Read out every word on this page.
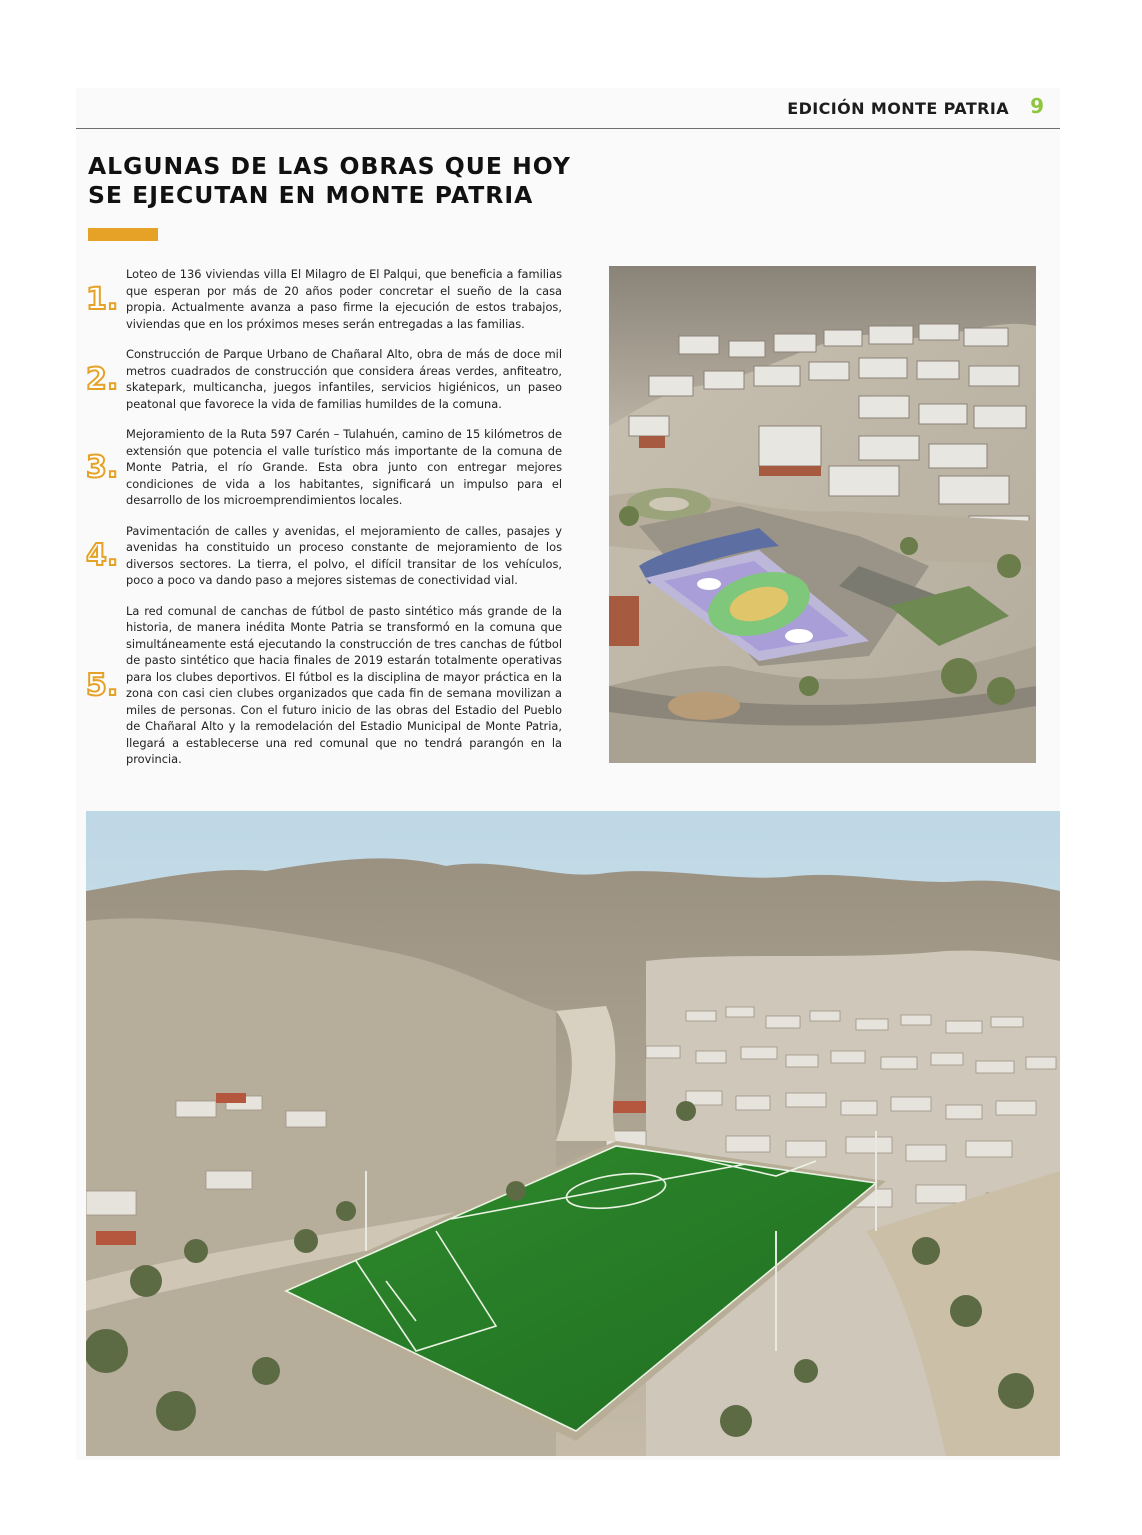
EDICIÓN MONTE PATRIA 9
ALGUNAS DE LAS OBRAS QUE HOY
SE EJECUTAN EN MONTE PATRIA
1.

Loteo de 136 viviendas villa El Milagro de El Palqui, que beneficia a familias que esperan por más de 20 años poder concretar el sueño de la casa propia. Actualmente avanza a paso firme la ejecución de estos trabajos, viviendas que en los próximos meses serán entregadas a las familias.

2.

Construcción de Parque Urbano de Chañaral Alto, obra de más de doce mil metros cuadrados de construcción que considera áreas verdes, anfiteatro, skatepark, multicancha, juegos infantiles, servicios higiénicos, un paseo peatonal que favorece la vida de familias humildes de la comuna.

3.

Mejoramiento de la Ruta 597 Carén – Tulahuén, camino de 15 kilómetros de extensión que potencia el valle turístico más importante de la comuna de Monte Patria, el río Grande. Esta obra junto con entregar mejores condiciones de vida a los habitantes, significará un impulso para el desarrollo de los microemprendimientos locales.

4.

Pavimentación de calles y avenidas, el mejoramiento de calles, pasajes y avenidas ha constituido un proceso constante de mejoramiento de los diversos sectores. La tierra, el polvo, el difícil transitar de los vehículos, poco a poco va dando paso a mejores sistemas de conectividad vial.

5.

La red comunal de canchas de fútbol de pasto sintético más grande de la historia, de manera inédita Monte Patria se transformó en la comuna que simultáneamente está ejecutando la construcción de tres canchas de fútbol de pasto sintético que hacia finales de 2019 estarán totalmente operativas para los clubes deportivos. El fútbol es la disciplina de mayor práctica en la zona con casi cien clubes organizados que cada fin de semana movilizan a miles de personas. Con el futuro inicio de las obras del Estadio del Pueblo de Chañaral Alto y la remodelación del Estadio Municipal de Monte Patria, llegará a establecerse una red comunal que no tendrá parangón en la provincia.
